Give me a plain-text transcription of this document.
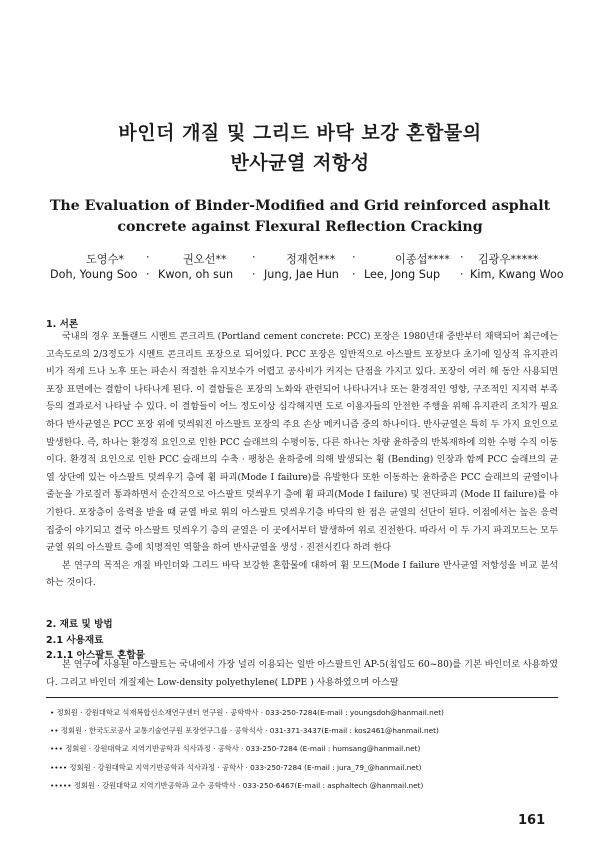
바인더 개질 및 그리드 바닥 보강 혼합물의
반사균열 저항성
The Evaluation of Binder-Modified and Grid reinforced asphalt
concrete against Flexural Reflection Cracking
도영수* ·	권오선** ·	정재헌*** ·	이종섭**** · 김광우*****
Doh, Young Soo · Kwon, oh sun · Jung, Jae Hun · Lee, Jong Sup · Kim, Kwang Woo
1. 서론

국내의 경우 포틀랜드 시멘트 콘크리트 (Portland cement concrete: PCC) 포장은 1980년대 중반부터 채택되어 최근에는 고속도로의 2/3정도가 시멘트 콘크리트 포장으로 되어있다. PCC 포장은 일반적으로 아스팔트 포장보다 초기에 일상적 유지관리비가 적게 드나 노후 또는 파손시 적절한 유지보수가 어렵고 공사비가 커지는 단점을 가지고 있다. 포장이 여러 해 동안 사용되면 포장 표면에는 결함이 나타나게 된다. 이 결함들은 포장의 노화와 관련되어 나타나거나 또는 환경적인 영향, 구조적인 지지력 부족 등의 결과로서 나타날 수 있다. 이 결함들이 어느 정도이상 심각해지면 도로 이용자들의 안전한 주행을 위해 유지관리 조치가 필요하다 반사균열은 PCC 포장 위에 덧씌워진 아스팔트 포장의 주요 손상 메커니즘 중의 하나이다. 반사균열은 특히 두 가지 요인으로 발생한다. 즉, 하나는 환경적 요인으로 인한 PCC 슬래브의 수평이동, 다른 하나는 차량 윤하중의 반복재하에 의한 수평 수직 이동이다. 환경적 요인으로 인한 PCC 슬래브의 수축 · 팽창은 윤하중에 의해 발생되는 휨 (Bending) 인장과 함께 PCC 슬래브의 균열 상단에 있는 아스팔트 덧씌우기 층에 휨 파괴(Mode I failure)를 유발한다 또한 이동하는 윤하중은 PCC 슬래브의 균열이나 줄눈을 가로질러 통과하면서 순간적으로 아스팔트 덧씌우기 층에 휨 파괴(Mode I failure) 및 전단파괴 (Mode II failure)를 야기한다. 포장층이 응력을 받을 때 균열 바로 위의 아스팔트 덧씌우기층 바닥의 한 점은 균열의 선단이 된다. 이점에서는 높은 응력집중이 야기되고 결국 아스팔트 덧씌우기 층의 균열은 이 곳에서부터 발생하여 위로 진전한다. 따라서 이 두 가지 파괴모드는 모두 균열 위의 아스팔트 층에 치명적인 역할을 하여 반사균열을 생성 · 진전시킨다 하려 한다

본 연구의 목적은 개질 바인더와 그리드 바닥 보강한 혼합물에 대하여 휨 모드(Mode I failure 반사균열 저항성을 비교 분석 하는 것이다.

2. 재료 및 방법
2.1 사용재료
2.1.1 아스팔트 혼합물

본 연구에 사용된 아스팔트는 국내에서 가장 널리 이용되는 일반 아스팔트인 AP-5(침입도 60~80)를 기본 바인더로 사용하였다. 그리고 바인더 개질제는 Low-density polyethylene( LDPE ) 사용하였으며 아스팔

• 정회원 · 강원대학교 석재복합신소재연구센터 연구원 · 공학박사 · 033-250-7284(E-mail : youngsdoh@hanmail.net)
•• 정회원 · 한국도로공사 교통기술연구원 포장연구그룹 · 공학석사 · 031-371-3437(E-mail : kos2461@hanmail.net)
••• 정회원 · 강원대학교 지역기반공학과 석사과정 · 공학사 · 033-250-7284 (E-mail : humsang@hanmail.net)
•••• 정회원 · 강원대학교 지역기반공학과 석사과정 · 공학사 · 033-250-7284 (E-mail : jura_79_@hanmail.net)
••••• 정회원 · 강원대학교 지역기반공학과 교수 공학박사 · 033-250-6467(E-mail : asphaltech @hanmail.net)
161
